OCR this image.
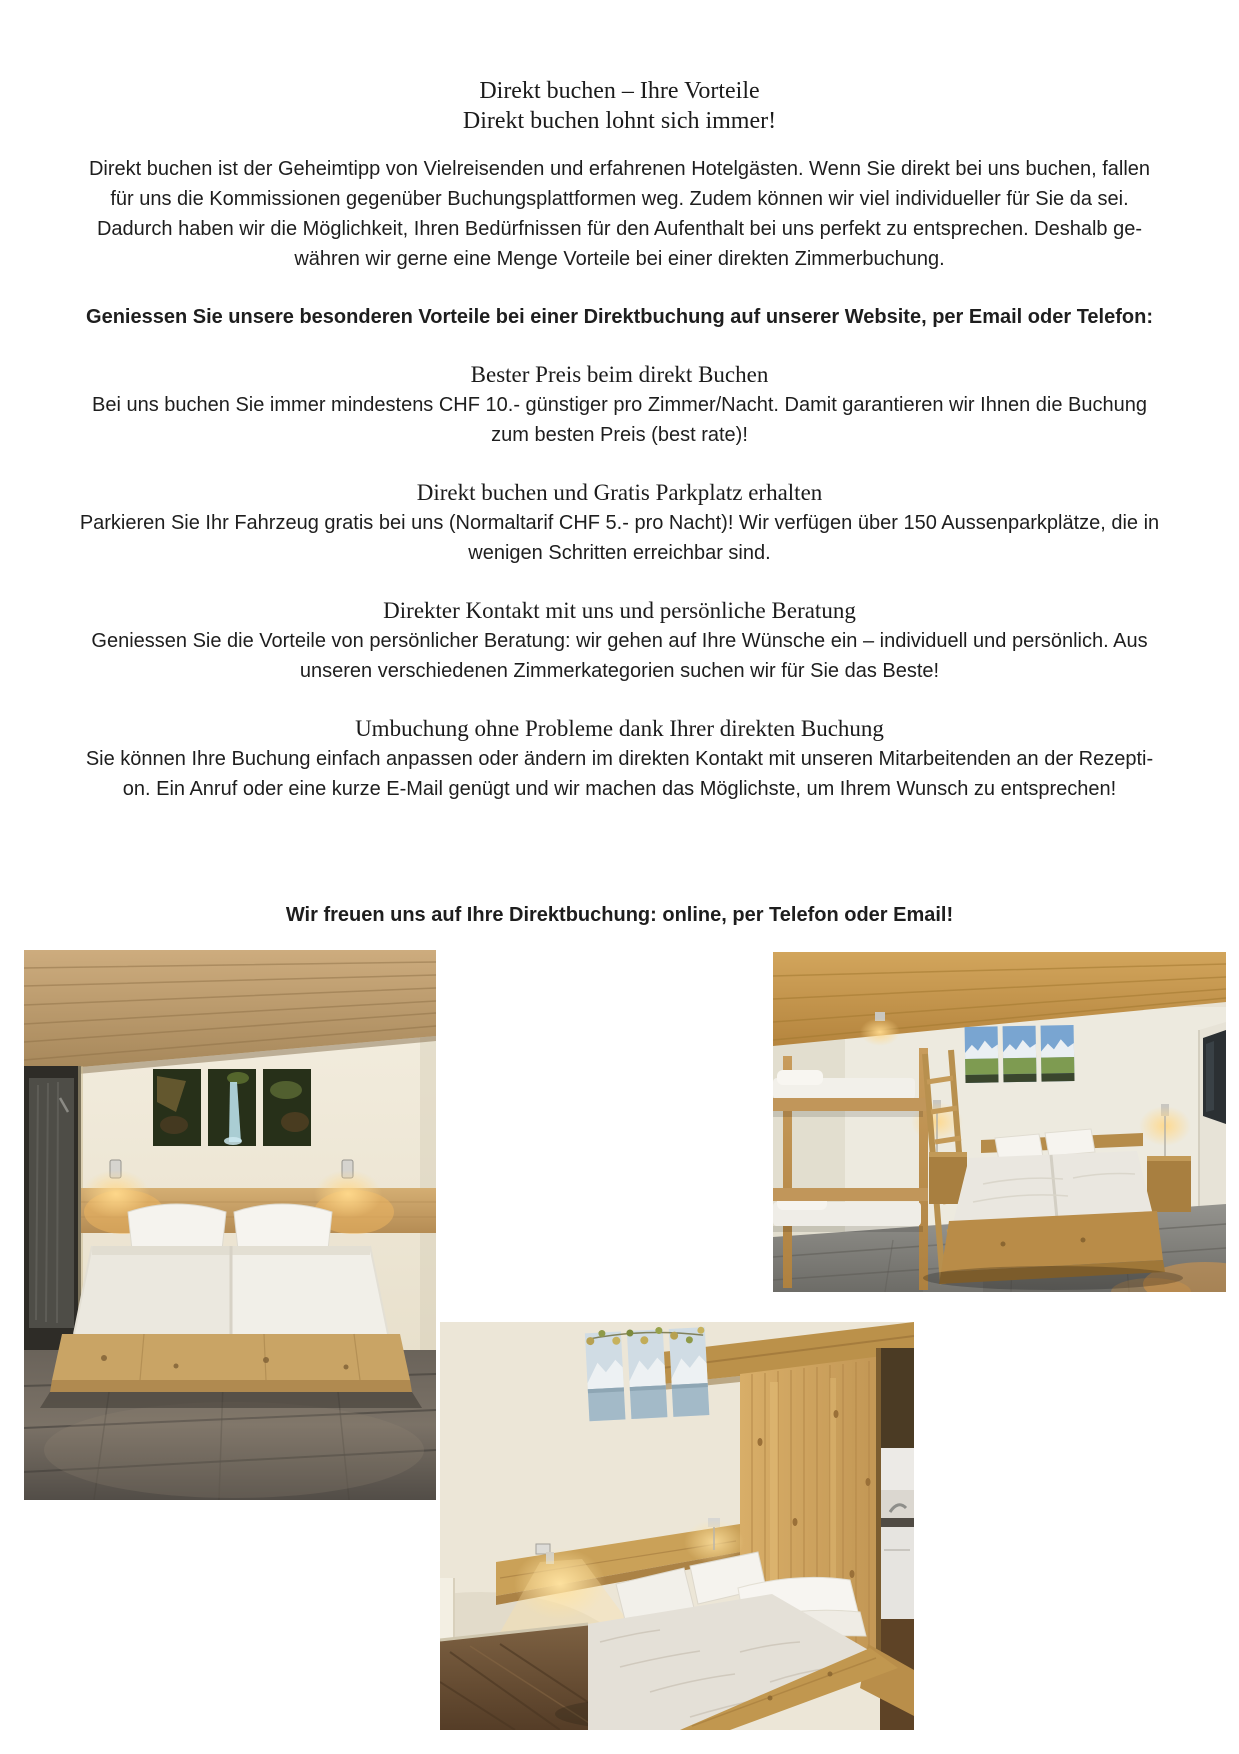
Direkt buchen – Ihre Vorteile
Direkt buchen lohnt sich immer!
Direkt buchen ist der Geheimtipp von Vielreisenden und erfahrenen Hotelgästen. Wenn Sie direkt bei uns buchen, fallen
für uns die Kommissionen gegenüber Buchungsplattformen weg. Zudem können wir viel individueller für Sie da sei.
Dadurch haben wir die Möglichkeit, Ihren Bedürfnissen für den Aufenthalt bei uns perfekt zu entsprechen. Deshalb ge-
währen wir gerne eine Menge Vorteile bei einer direkten Zimmerbuchung.
Geniessen Sie unsere besonderen Vorteile bei einer Direktbuchung auf unserer Website, per Email oder Telefon:
Bester Preis beim direkt Buchen
Bei uns buchen Sie immer mindestens CHF 10.- günstiger pro Zimmer/Nacht. Damit garantieren wir Ihnen die Buchung
zum besten Preis (best rate)!
Direkt buchen und Gratis Parkplatz erhalten
Parkieren Sie Ihr Fahrzeug gratis bei uns (Normaltarif CHF 5.- pro Nacht)! Wir verfügen über 150 Aussenparkplätze, die in
wenigen Schritten erreichbar sind.
Direkter Kontakt mit uns und persönliche Beratung
Geniessen Sie die Vorteile von persönlicher Beratung: wir gehen auf Ihre Wünsche ein – individuell und persönlich. Aus
unseren verschiedenen Zimmerkategorien suchen wir für Sie das Beste!
Umbuchung ohne Probleme dank Ihrer direkten Buchung
Sie können Ihre Buchung einfach anpassen oder ändern im direkten Kontakt mit unseren Mitarbeitenden an der Rezepti-
on. Ein Anruf oder eine kurze E-Mail genügt und wir machen das Möglichste, um Ihrem Wunsch zu entsprechen!
Wir freuen uns auf Ihre Direktbuchung: online, per Telefon oder Email!
